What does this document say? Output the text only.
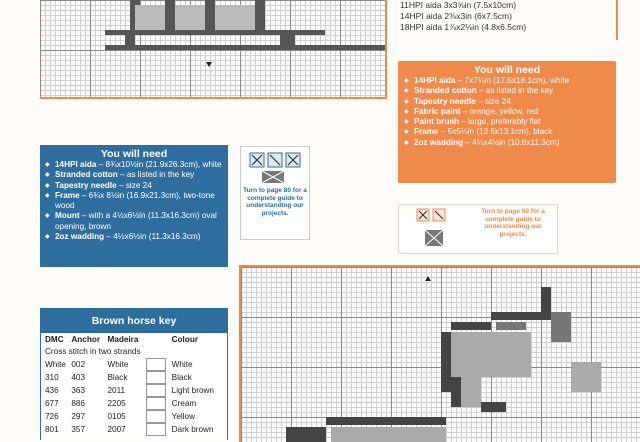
11HPI aida 3x3⅝in (7.5x10cm)
14HPI aida 2⅜x3in (6x7.5cm)
18HPI aida 1⅞x2⅛in (4.8x6.5cm)
You will need
◆ 14HPI aida – 7x7¼in (17.5x18.1cm), white
◆ Stranded cotton – as listed in the key
◆ Tapestry needle – size 24
◆ Fabric paint – orange, yellow, red
◆ Paint brush – large, preferably flat
◆ Frame – 5x5¼in (12.5x13.1cm), black
◆ 2oz wadding – 4¼x4½in (10.6x11.3cm)
You will need
◆ 14HPI aida – 8¾x10½in (21.9x26.3cm), white
◆ Stranded cotton – as listed in the key
◆ Tapestry needle – size 24
◆ Frame – 6¾x 8½in (16.9x21.3cm), two-tone wood
◆ Mount – with a 4½x6½in (11.3x16.3cm) oval opening, brown
◆ 2oz wadding – 4½x6½in (11.3x16.3cm)
Turn to page 80 for a complete guide to understanding our projects.	Turn to page 80 for a complete guide to understanding our projects.
Brown horse key
DMC	Anchor	Madeira		Colour
Cross stitch in two strands				
White	002	White		White
310	403	Black		Black
436	363	2011		Light brown
677	886	2205		Cream
726	297	0105		Yellow
801	357	2007		Dark brown
